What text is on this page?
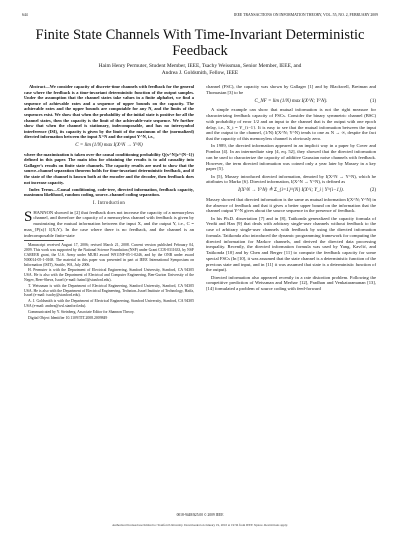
644	IEEE TRANSACTIONS ON INFORMATION THEORY, VOL. 55, NO. 2, FEBRUARY 2009
Finite State Channels With Time-Invariant Deterministic Feedback
Haim Henry Permuter, Student Member, IEEE, Tsachy Weissman, Senior Member, IEEE, and
Andrea J. Goldsmith, Fellow, IEEE

Abstract—We consider capacity of discrete-time channels with feedback for the general case where the feedback is a time-invariant deterministic function of the output samples. Under the assumption that the channel states take values in a finite alphabet, we find a sequence of achievable rates and a sequence of upper bounds on the capacity. The achievable rates and the upper bounds are computable for any N, and the limits of the sequences exist. We show that when the probability of the initial state is positive for all the channel states, then the capacity is the limit of the achievable-rate sequence. We further show that when the channel is stationary, indecomposable, and has no intersymbol interference (ISI), its capacity is given by the limit of the maximum of the (normalized) directed information between the input X^N and the output Y^N, i.e.,

C = lim (1/N) max I(X^N → Y^N)

where the maximization is taken over the causal conditioning probability Q(x^N||z^{N−1}) defined in this paper. The main idea for obtaining the results is to add causality into Gallager's results on finite state channels. The capacity results are used to show that the source–channel separation theorem holds for time-invariant deterministic feedback, and if the state of the channel is known both at the encoder and the decoder, then feedback does not increase capacity.

Index Terms—Causal conditioning, code-tree, directed information, feedback capacity, maximum likelihood, random coding, source–channel coding separation.

I. Introduction

SHANNON showed in [2] that feedback does not increase the capacity of a memoryless channel, and therefore the capacity of a memoryless channel with feedback is given by maximizing the mutual information between the input X, and the output Y, i.e., C = max_{P(x)} I(X;Y). In the case where there is no feedback, and the channel is an indecomposable finite-state

Manuscript received August 17, 2006; revised March 21, 2008. Current version published February 04, 2009. This work was supported by the National Science Foundation (NSF) under Grant CCR-0311633, by NSF CAREER grant, the U.S. Army under MURI award W911NF-05-1-0246, and by the ONR under award N00014-05-1-0168. The material in this paper was presented in part at IEEE International Symposium on Information (ISIT), Seattle, WA, July 2006.

H. Permuter is with the Department of Electrical Engineering, Stanford University, Stanford, CA 94305 USA. He is also with the Department of Electrical and Computer Engineering, Ben-Gurion University of the Negev, Beer-Sheva, Israel (e-mail: haim1@stanford.edu).

T. Weissman is with the Department of Electrical Engineering, Stanford University, Stanford, CA 94305 USA. He is also with the Department of Electrical Engineering, Technion–Israel Institute of Technology, Haifa, Israel (e-mail: tsachy@stanford.edu).

A. J. Goldsmith is with the Department of Electrical Engineering, Stanford University, Stanford, CA 94305 USA (e-mail: andrea@wsl.stanford.edu).

Communicated by Y. Steinberg, Associate Editor for Shannon Theory.

Digital Object Identifier 10.1109/TIT.2008.2009849

channel (FSC), the capacity was shown by Gallager [1] and by Blackwell, Breiman and Thomasian [3] to be

C_NF = lim (1/N) max I(X^N; Y^N).	(1)

A simple example can show that mutual information is not the right measure for characterizing feedback capacity of FSCs. Consider the binary symmetric channel (BSC) with probability of error 1/2 and an input to the channel that is the output with one epoch delay, i.e., X_i = Y_{i−1}. It is easy to see that the mutual information between the input and the output to the channel, (1/N) I(X^N; Y^N) tends to one as N → ∞, despite the fact that the capacity of this memoryless channel is obviously zero.

In 1989, the directed information appeared in an implicit way in a paper by Cover and Pombra [4]. In an intermediate step [4, eq. 52], they showed that the directed information can be used to characterize the capacity of additive Gaussian noise channels with feedback. However, the term directed information was coined only a year later by Massey in a key paper [5].

In [5], Massey introduced directed information, denoted by I(X^N → Y^N), which he attributes to Marko [6]. Directed information, I(X^N → Y^N), is defined as

I(X^N → Y^N) ≜ Σ_{i=1}^{N} I(X^i; Y_i | Y^{i−1}).	(2)

Massey showed that directed information is the same as mutual information I(X^N; Y^N) in the absence of feedback and that it gives a better upper bound on the information that the channel output Y^N gives about the source sequence in the presence of feedback.

In his Ph.D. dissertation [7] and in [8], Tatikonda generalized the capacity formula of Verdú and Han [9] that deals with arbitrary single-user channels without feedback to the case of arbitrary single-user channels with feedback by using the directed information formula. Tatikonda also introduced the dynamic programming framework for computing the directed information for Markov channels, and derived the directed data processing inequality. Recently, the directed information formula was used by Yang, Kavčić, and Tatikonda [10] and by Chen and Berger [11] to compute the feedback capacity for some special FSCs (In [10], it was assumed that the state channel is a deterministic function of the previous state and input, and in [11] it was assumed that state is a deterministic function of the output).

Directed information also appeared recently in a rate distortion problem. Following the competitive prediction of Weissman and Merhav [12], Pradhan and Venkataramanan [13], [14] formulated a problem of source coding with feed-forward

0018-9448/$25.00 © 2009 IEEE
Authorized licensed use limited to: Stanford University. Downloaded on January 19, 2010 at 19:36 from IEEE Xplore. Restrictions apply.
